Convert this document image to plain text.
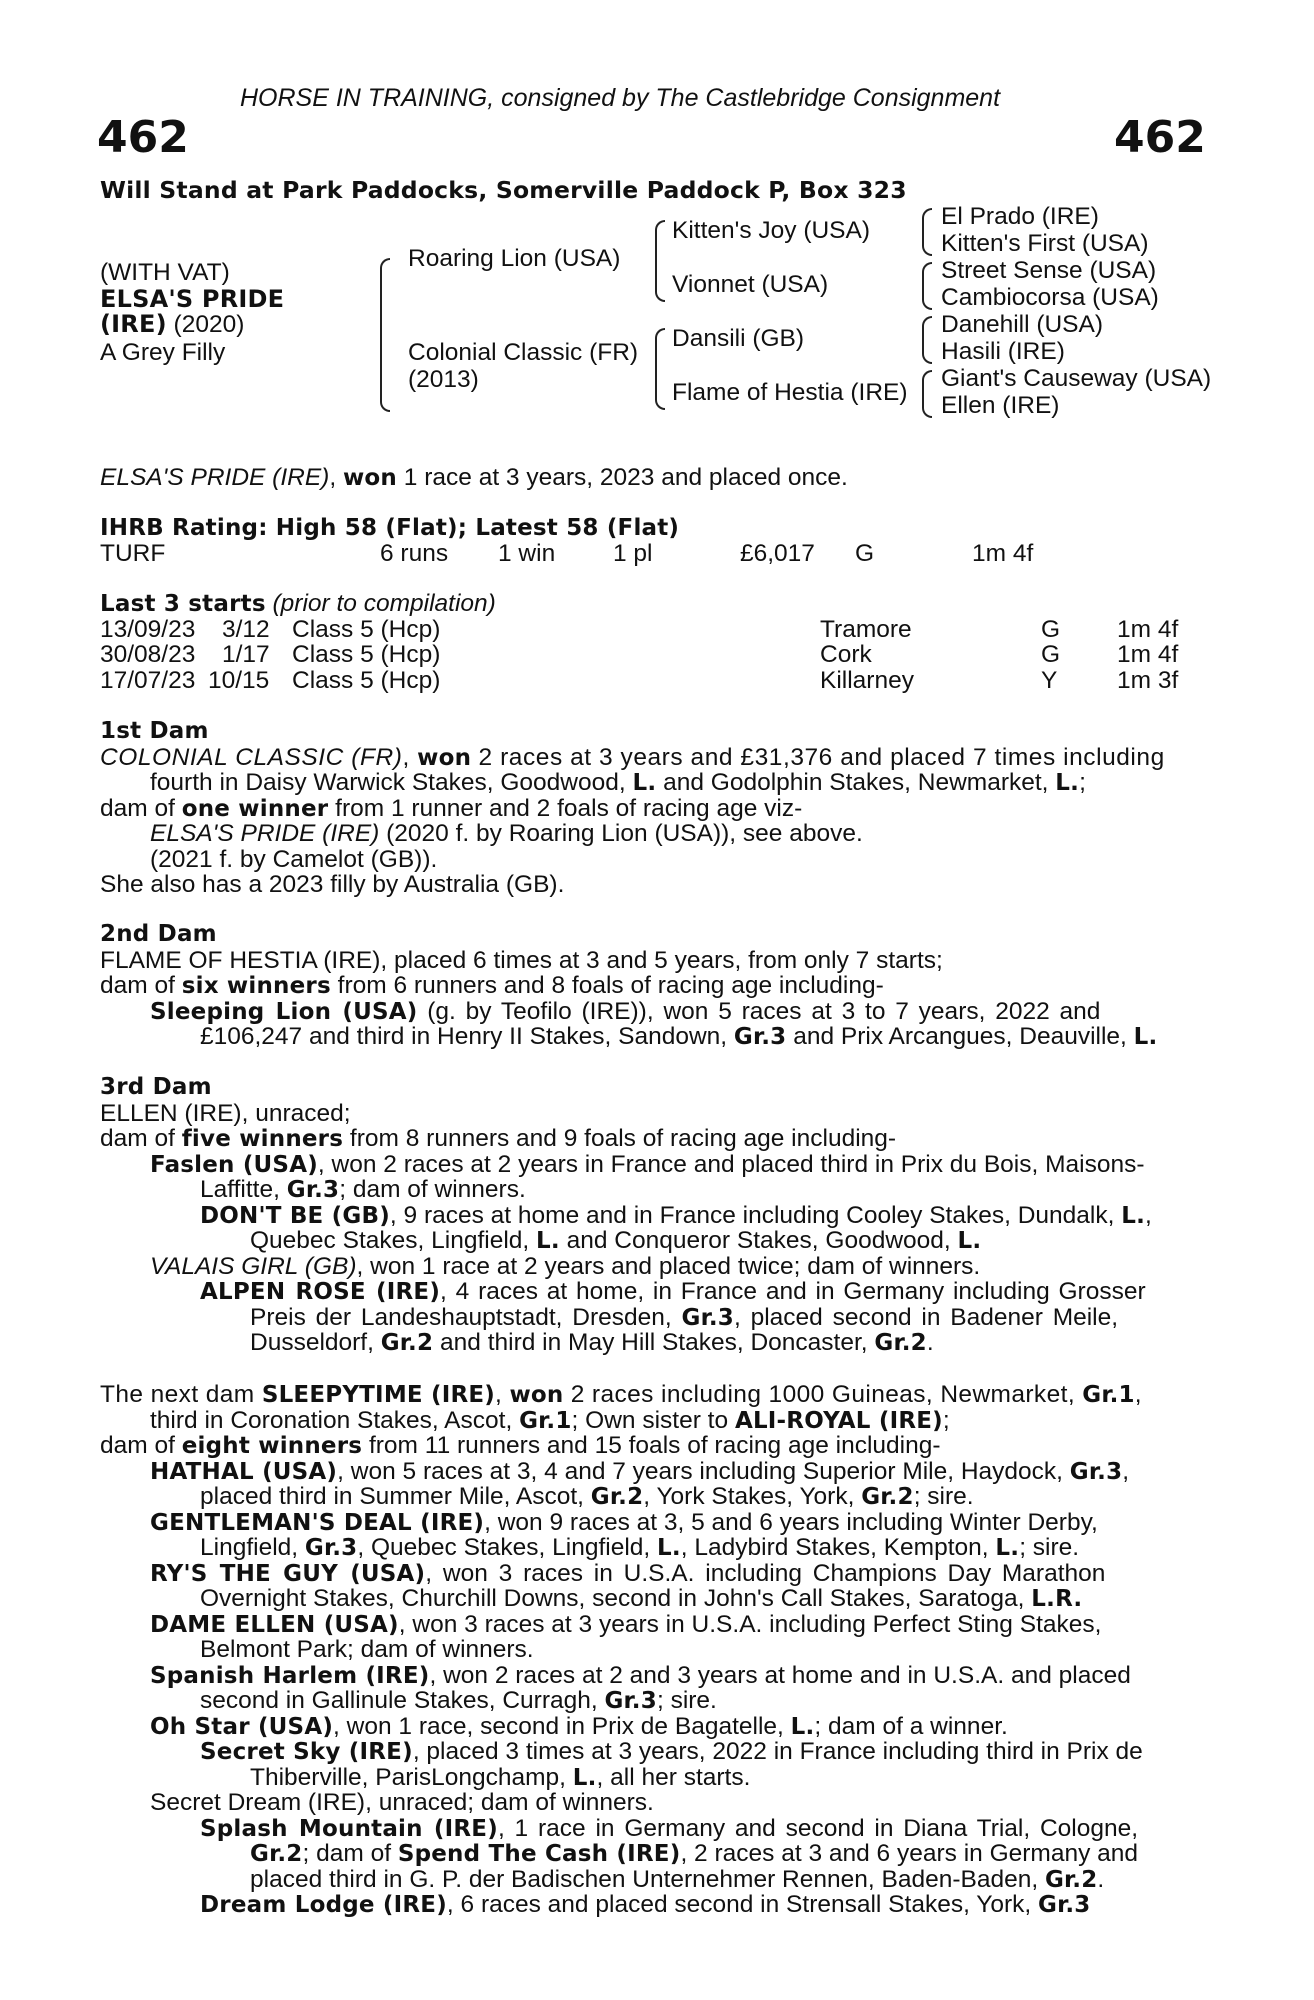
HORSE IN TRAINING, consigned by The Castlebridge Consignment
462	462
Will Stand at Park Paddocks, Somerville Paddock P, Box 323
(WITH VAT)
ELSA'S PRIDE
(IRE) (2020)
A Grey Filly
Roaring Lion (USA)
Colonial Classic (FR)
(2013)
Kitten's Joy (USA)
Vionnet (USA)
Dansili (GB)
Flame of Hestia (IRE)
El Prado (IRE)
Kitten's First (USA)
Street Sense (USA)
Cambiocorsa (USA)
Danehill (USA)
Hasili (IRE)
Giant's Causeway (USA)
Ellen (IRE)
ELSA'S PRIDE (IRE), won 1 race at 3 years, 2023 and placed once.
IHRB Rating: High 58 (Flat); Latest 58 (Flat)
TURF	6 runs 1 win 1 pl	£6,017 G	1m 4f
Last 3 starts (prior to compilation)
13/09/23 3/12 Class 5 (Hcp)	Tramore	G 1m 4f
30/08/23 1/17 Class 5 (Hcp)	Cork	G 1m 4f
17/07/23 10/15 Class 5 (Hcp)	Killarney	Y 1m 3f
1st Dam
COLONIAL CLASSIC (FR), won 2 races at 3 years and £31,376 and placed 7 times including
fourth in Daisy Warwick Stakes, Goodwood, L. and Godolphin Stakes, Newmarket, L.;
dam of one winner from 1 runner and 2 foals of racing age viz-
ELSA'S PRIDE (IRE) (2020 f. by Roaring Lion (USA)), see above.
(2021 f. by Camelot (GB)).
She also has a 2023 filly by Australia (GB).
2nd Dam
FLAME OF HESTIA (IRE), placed 6 times at 3 and 5 years, from only 7 starts;
dam of six winners from 6 runners and 8 foals of racing age including-
Sleeping Lion (USA) (g. by Teofilo (IRE)), won 5 races at 3 to 7 years, 2022 and
£106,247 and third in Henry II Stakes, Sandown, Gr.3 and Prix Arcangues, Deauville, L.
3rd Dam
ELLEN (IRE), unraced;
dam of five winners from 8 runners and 9 foals of racing age including-
Faslen (USA), won 2 races at 2 years in France and placed third in Prix du Bois, Maisons-
Laffitte, Gr.3; dam of winners.
DON'T BE (GB), 9 races at home and in France including Cooley Stakes, Dundalk, L.,
Quebec Stakes, Lingfield, L. and Conqueror Stakes, Goodwood, L.
VALAIS GIRL (GB), won 1 race at 2 years and placed twice; dam of winners.
ALPEN ROSE (IRE), 4 races at home, in France and in Germany including Grosser
Preis der Landeshauptstadt, Dresden, Gr.3, placed second in Badener Meile,
Dusseldorf, Gr.2 and third in May Hill Stakes, Doncaster, Gr.2.
The next dam SLEEPYTIME (IRE), won 2 races including 1000 Guineas, Newmarket, Gr.1,
third in Coronation Stakes, Ascot, Gr.1; Own sister to ALI-ROYAL (IRE);
dam of eight winners from 11 runners and 15 foals of racing age including-
HATHAL (USA), won 5 races at 3, 4 and 7 years including Superior Mile, Haydock, Gr.3,
placed third in Summer Mile, Ascot, Gr.2, York Stakes, York, Gr.2; sire.
GENTLEMAN'S DEAL (IRE), won 9 races at 3, 5 and 6 years including Winter Derby,
Lingfield, Gr.3, Quebec Stakes, Lingfield, L., Ladybird Stakes, Kempton, L.; sire.
RY'S THE GUY (USA), won 3 races in U.S.A. including Champions Day Marathon
Overnight Stakes, Churchill Downs, second in John's Call Stakes, Saratoga, L.R.
DAME ELLEN (USA), won 3 races at 3 years in U.S.A. including Perfect Sting Stakes,
Belmont Park; dam of winners.
Spanish Harlem (IRE), won 2 races at 2 and 3 years at home and in U.S.A. and placed
second in Gallinule Stakes, Curragh, Gr.3; sire.
Oh Star (USA), won 1 race, second in Prix de Bagatelle, L.; dam of a winner.
Secret Sky (IRE), placed 3 times at 3 years, 2022 in France including third in Prix de
Thiberville, ParisLongchamp, L., all her starts.
Secret Dream (IRE), unraced; dam of winners.
Splash Mountain (IRE), 1 race in Germany and second in Diana Trial, Cologne,
Gr.2; dam of Spend The Cash (IRE), 2 races at 3 and 6 years in Germany and
placed third in G. P. der Badischen Unternehmer Rennen, Baden-Baden, Gr.2.
Dream Lodge (IRE), 6 races and placed second in Strensall Stakes, York, Gr.3
